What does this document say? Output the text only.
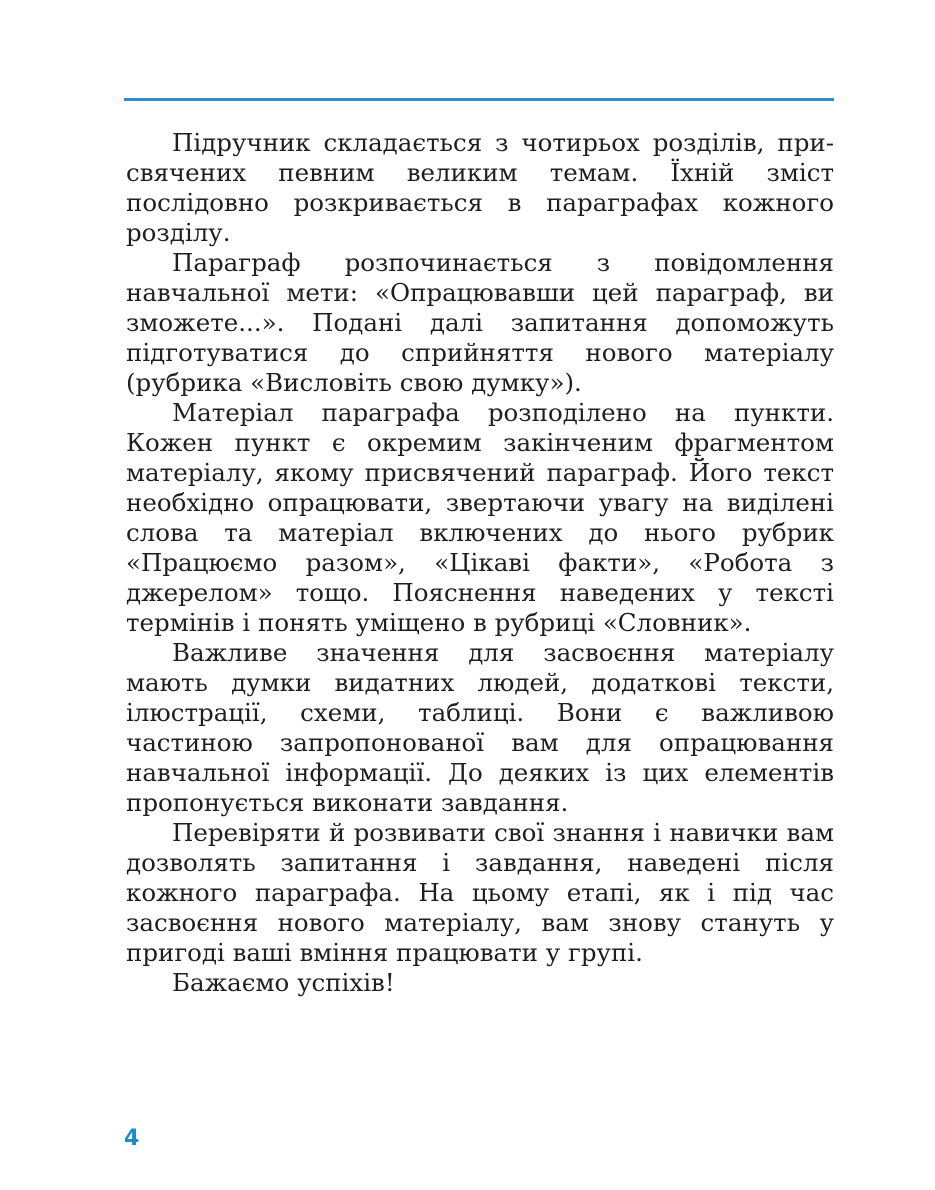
Підручник складається з чотирьох розділів, присвячених певним великим темам. Їхній зміст послідовно розкривається в параграфах кожного розділу.

Параграф розпочинається з повідомлення навчальної мети: «Опрацювавши цей параграф, ви зможете...». Подані далі запитання допоможуть підготуватися до сприйняття нового матеріалу (рубрика «Висловіть свою думку»).

Матеріал параграфа розподілено на пункти. Кожен пункт є окремим закінченим фрагментом матеріалу, якому присвячений параграф. Його текст необхідно опрацювати, звертаючи увагу на виділені слова та матеріал включених до нього рубрик «Працюємо разом», «Цікаві факти», «Робота з джерелом» тощо. Пояснення наведених у тексті термінів і понять уміщено в рубриці «Словник».

Важливе значення для засвоєння матеріалу мають думки видатних людей, додаткові тексти, ілюстрації, схеми, таблиці. Вони є важливою частиною запропонованої вам для опрацювання навчальної інформації. До деяких із цих елементів пропонується виконати завдання.

Перевіряти й розвивати свої знання і навички вам дозволять запитання і завдання, наведені після кожного параграфа. На цьому етапі, як і під час засвоєння нового матеріалу, вам знову стануть у пригоді ваші вміння працювати у групі.

Бажаємо успіхів!

4
